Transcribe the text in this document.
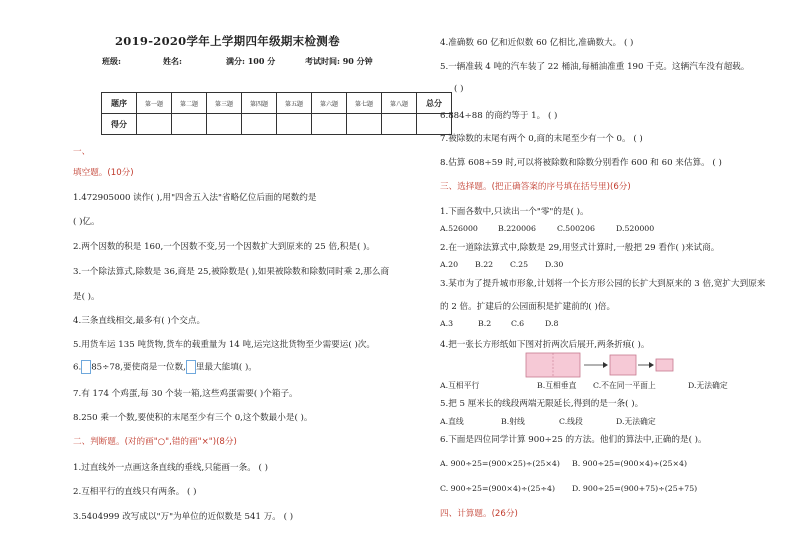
2019-2020学年上学期四年级期末检测卷
班级:	姓名:	满分: 100 分	考试时间: 90 分钟
题序	第一题	第二题	第三题	第四题	第五题	第六题	第七题	第八题	总分
得分									
一、
填空题。(10分)
1.472905000 读作( ),用"四舍五入法"省略亿位后面的尾数约是
( )亿。
2.两个因数的积是 160,一个因数不变,另一个因数扩大到原来的 25 倍,积是( )。
3.一个除法算式,除数是 36,商是 25,被除数是( ),如果被除数和除数同时乘 2,那么商
是( )。
4.三条直线相交,最多有( )个交点。
5.用货车运 135 吨货物,货车的载重量为 14 吨,运完这批货物至少需要运( )次。
6. 85÷78,要使商是一位数, 里最大能填( )。
7.有 174 个鸡蛋,每 30 个装一箱,这些鸡蛋需要( )个箱子。
8.250 乘一个数,要使积的末尾至少有三个 0,这个数最小是( )。
二、判断题。(对的画"○",错的画"×")(8分)
1.过直线外一点画这条直线的垂线,只能画一条。 ( )
2.互相平行的直线只有两条。 ( )
3.5404999 改写成以"万"为单位的近似数是 541 万。 ( )
4.准确数 60 亿和近似数 60 亿相比,准确数大。 ( )
5.一辆准载 4 吨的汽车装了 22 桶油,每桶油准重 190 千克。这辆汽车没有超载。
( )
6.884÷88 的商约等于 1。 ( )
7.被除数的末尾有两个 0,商的末尾至少有一个 0。 ( )
8.估算 608÷59 时,可以将被除数和除数分别看作 600 和 60 来估算。 ( )
三、选择题。(把正确答案的序号填在括号里)(6分)
1.下面各数中,只读出一个"零"的是( )。
A.526000	B.220006	C.500206	D.520000
2.在一道除法算式中,除数是 29,用竖式计算时,一般把 29 看作( )来试商。
A.20 B.22 C.25 D.30
3.某市为了提升城市形象,计划将一个长方形公园的长扩大到原来的 3 倍,宽扩大到原来
的 2 倍。扩建后的公园面积是扩建前的( )倍。
A.3	B.2	C.6	D.8
4.把一张长方形纸如下图对折两次后展开,两条折痕( )。
A.互相平行	B.互相垂直 C.不在同一平面上	D.无法确定
5.把 5 厘米长的线段两端无限延长,得到的是一条( )。
A.直线	B.射线	C.线段	D.无法确定
6.下面是四位同学计算 900÷25 的方法。他们的算法中,正确的是( )。
A. 900÷25=(900×25)÷(25×4) B. 900÷25=(900×4)÷(25×4)
C. 900÷25=(900×4)÷(25÷4) D. 900÷25=(900+75)÷(25+75)
四、计算题。(26分)
